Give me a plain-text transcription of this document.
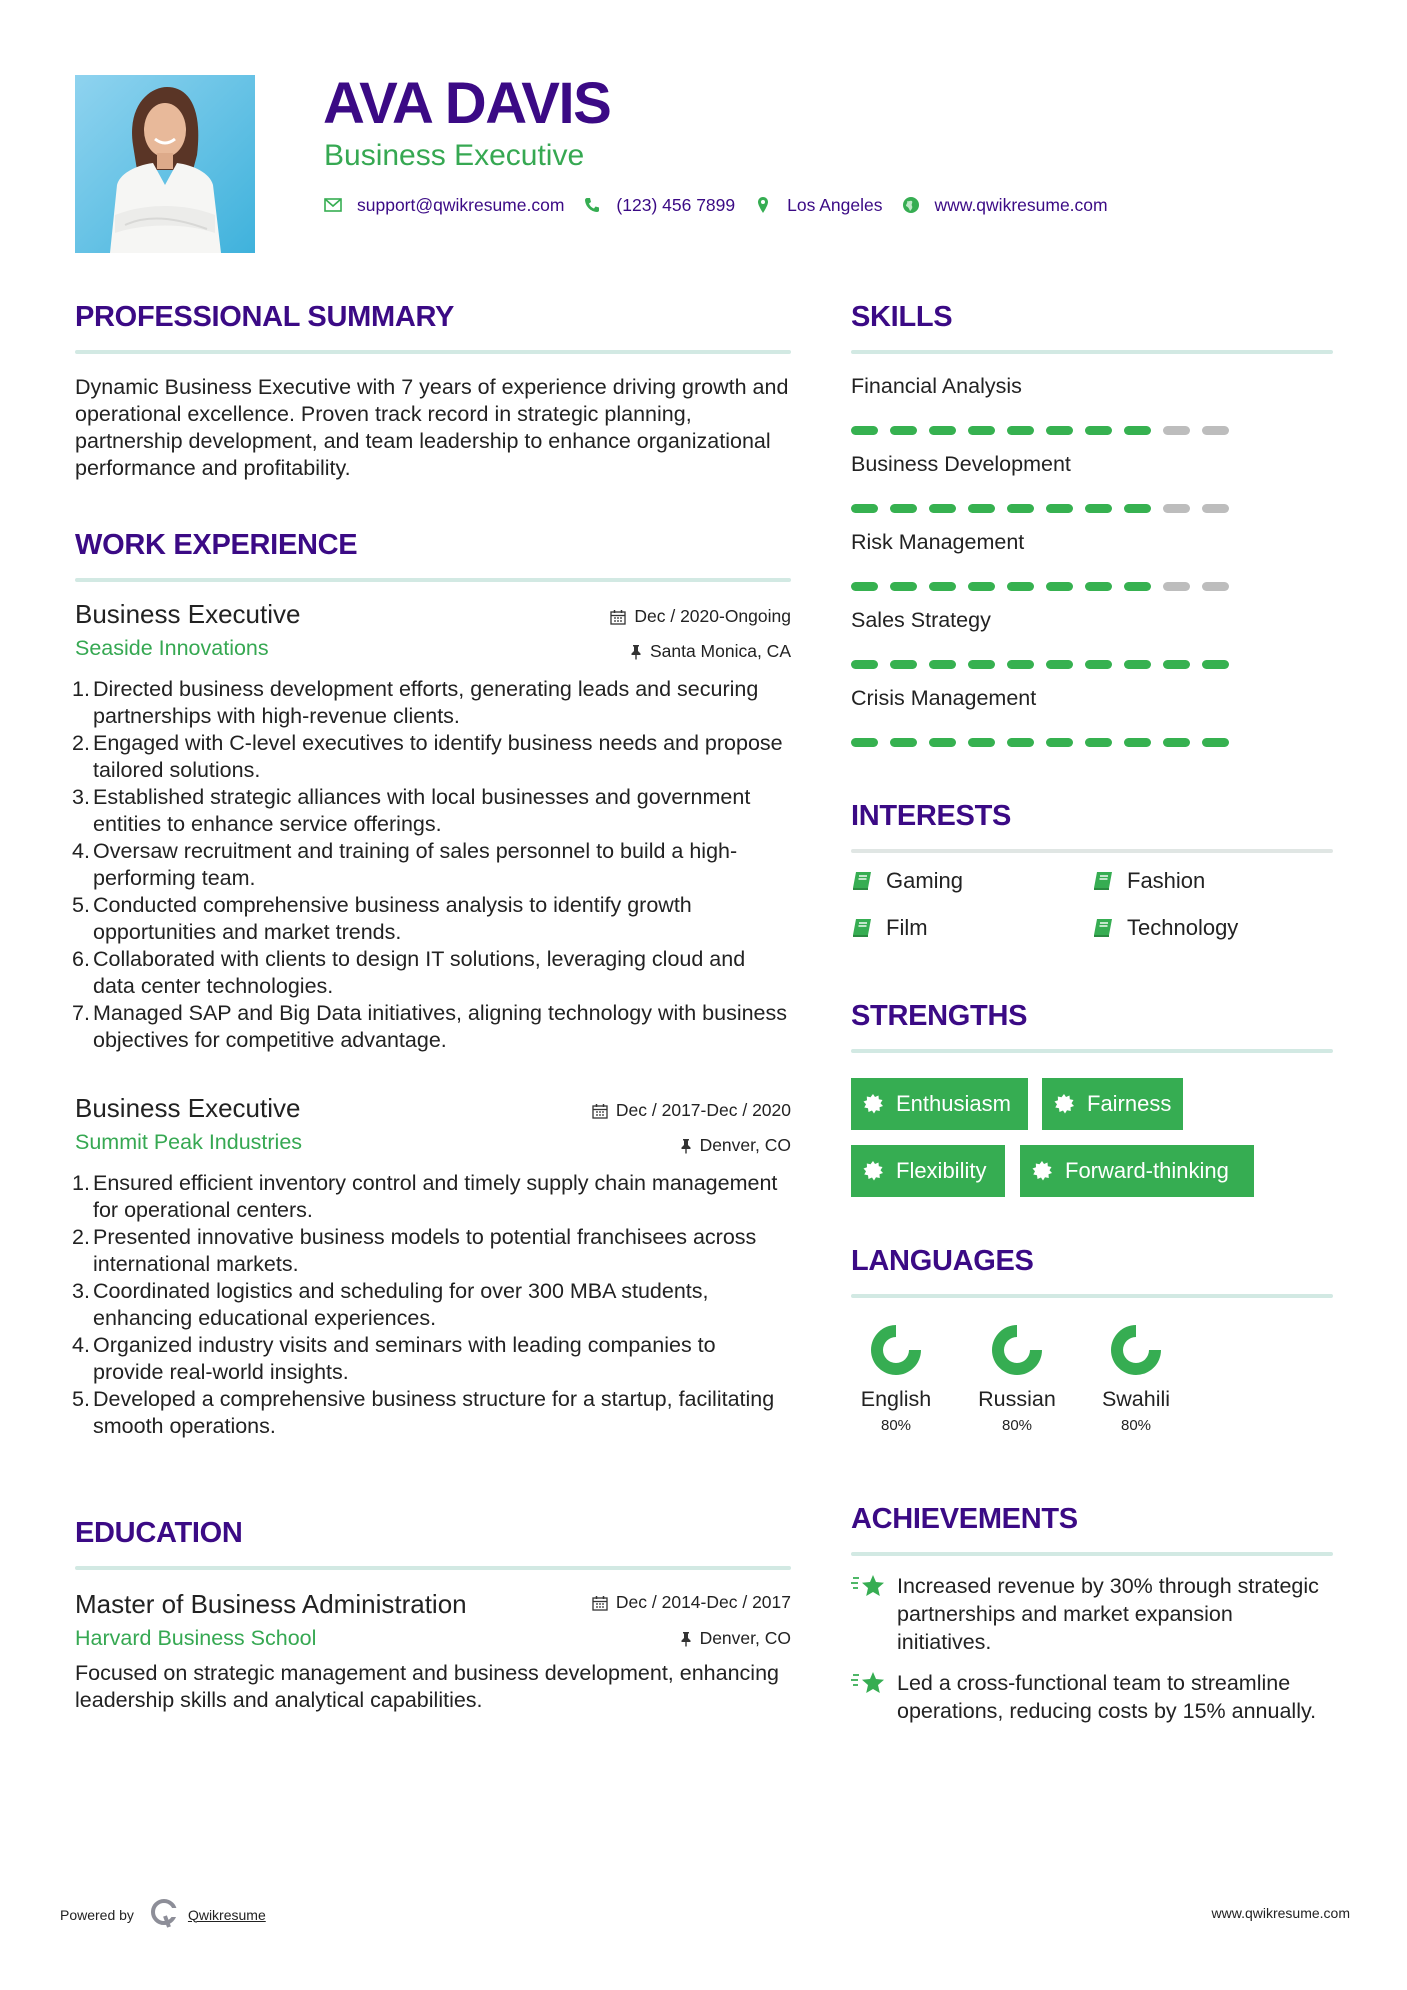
AVA DAVIS
Business Executive
support@qwikresume.com	(123) 456 7899	Los Angeles	www.qwikresume.com
PROFESSIONAL SUMMARY
Dynamic Business Executive with 7 years of experience driving growth and operational excellence. Proven track record in strategic planning, partnership development, and team leadership to enhance organizational performance and profitability.
WORK EXPERIENCE
Business Executive	Dec / 2020-Ongoing
Seaside Innovations	Santa Monica, CA
1. Directed business development efforts, generating leads and securing partnerships with high-revenue clients.
2. Engaged with C-level executives to identify business needs and propose tailored solutions.
3. Established strategic alliances with local businesses and government entities to enhance service offerings.
4. Oversaw recruitment and training of sales personnel to build a high-performing team.
5. Conducted comprehensive business analysis to identify growth opportunities and market trends.
6. Collaborated with clients to design IT solutions, leveraging cloud and data center technologies.
7. Managed SAP and Big Data initiatives, aligning technology with business objectives for competitive advantage.
Business Executive	Dec / 2017-Dec / 2020
Summit Peak Industries	Denver, CO
1. Ensured efficient inventory control and timely supply chain management for operational centers.
2. Presented innovative business models to potential franchisees across international markets.
3. Coordinated logistics and scheduling for over 300 MBA students, enhancing educational experiences.
4. Organized industry visits and seminars with leading companies to provide real-world insights.
5. Developed a comprehensive business structure for a startup, facilitating smooth operations.
EDUCATION
Master of Business Administration	Dec / 2014-Dec / 2017
Harvard Business School	Denver, CO
Focused on strategic management and business development, enhancing leadership skills and analytical capabilities.
SKILLS
Financial Analysis
Business Development
Risk Management
Sales Strategy
Crisis Management
INTERESTS
Gaming	Fashion
Film	Technology
STRENGTHS
Enthusiasm	Fairness
Flexibility	Forward-thinking
LANGUAGES
English
80%
Russian
80%
Swahili
80%
ACHIEVEMENTS
Increased revenue by 30% through strategic partnerships and market expansion initiatives.
Led a cross-functional team to streamline operations, reducing costs by 15% annually.
Powered by	Qwikresume	www.qwikresume.com
